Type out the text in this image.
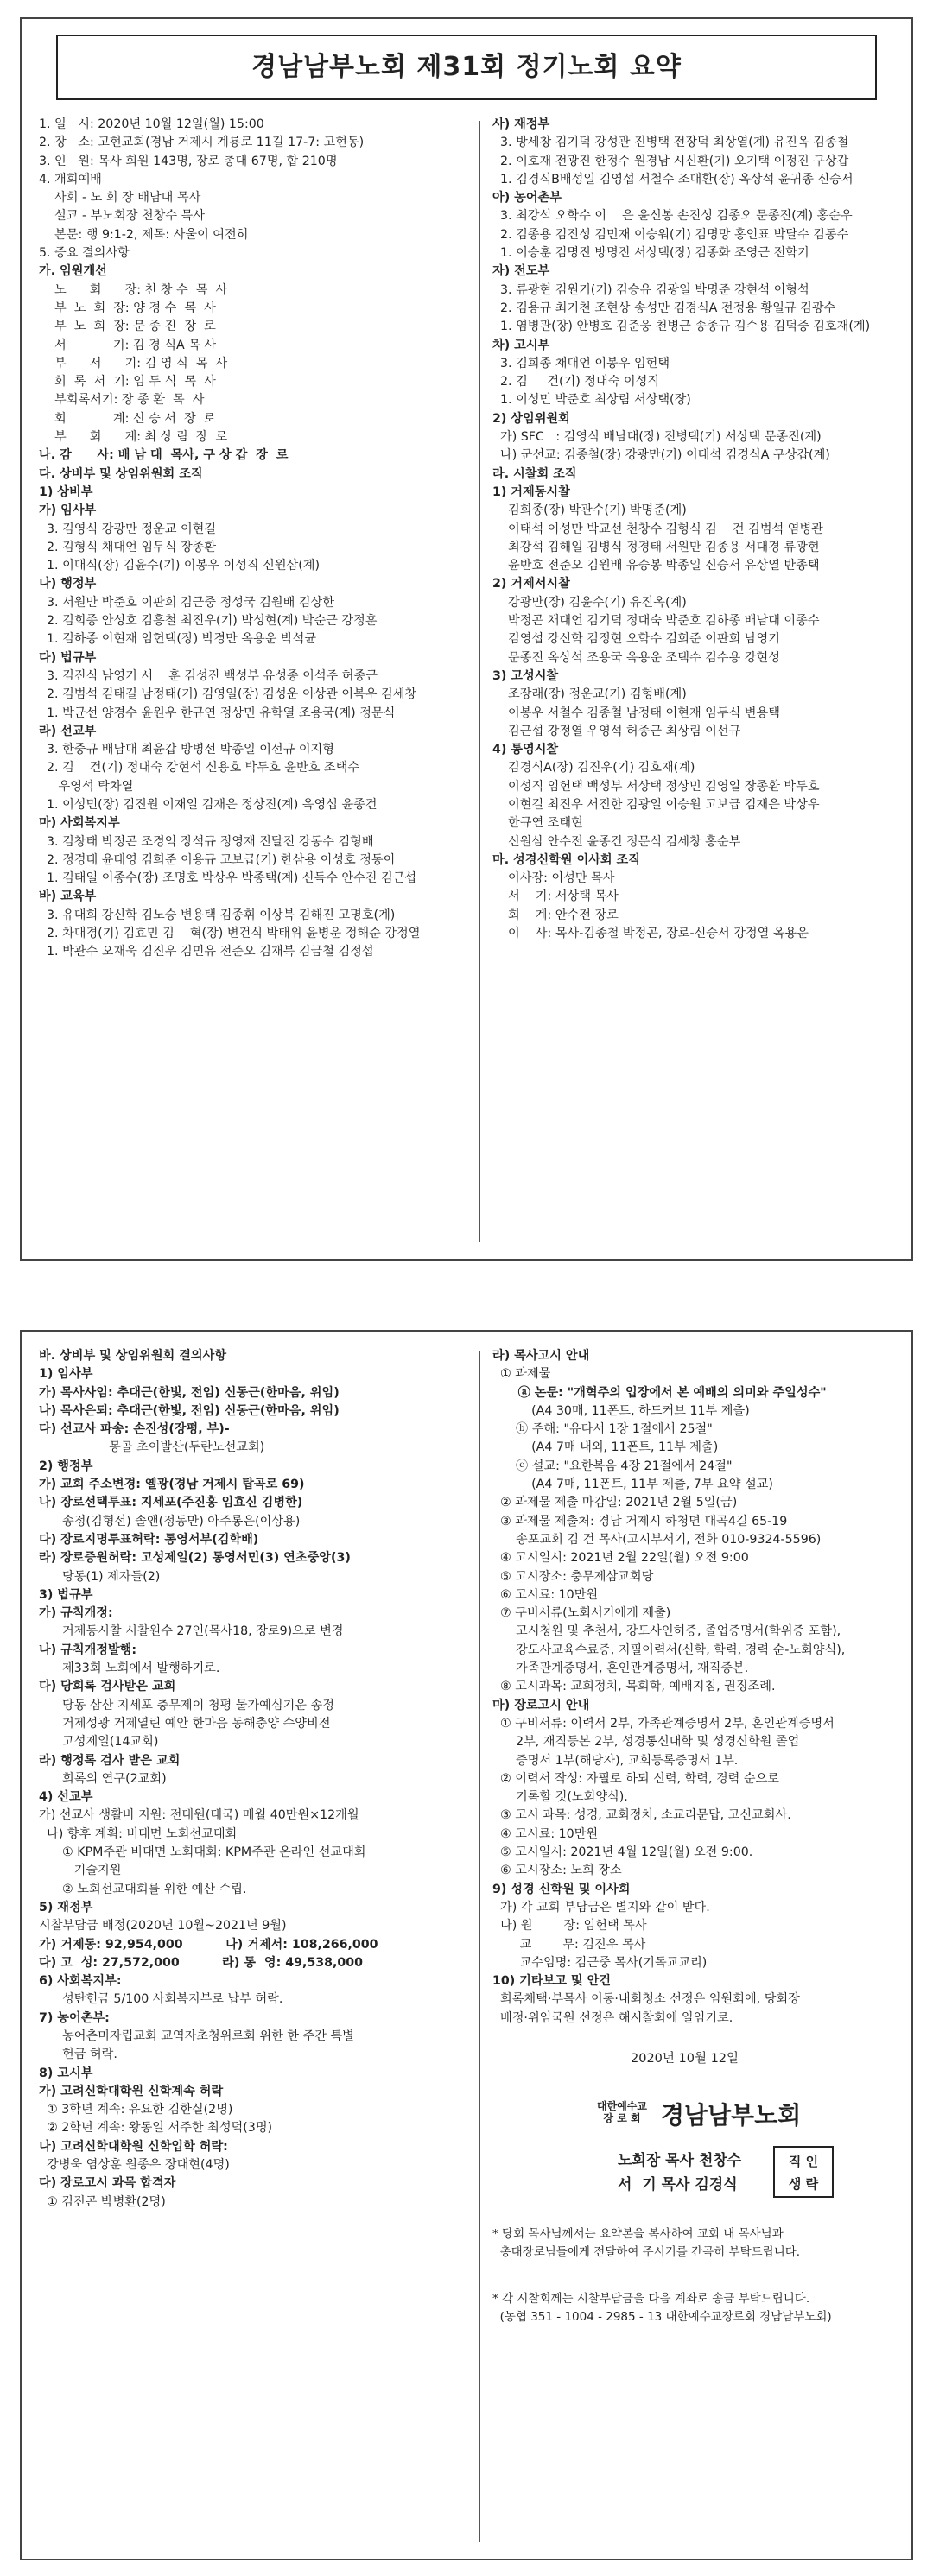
경남남부노회 제31회 정기노회 요약
1. 일   시: 2020년 10월 12일(월) 15:00
2. 장   소: 고현교회(경남 거제시 계룡로 11길 17-7: 고현동)
3. 인   원: 목사 회원 143명, 장로 총대 67명, 합 210명
4. 개회예배
사회 - 노 회 장 배남대 목사
설교 - 부노회장 천창수 목사
본문: 행 9:1-2, 제목: 사울이 여전히
5. 증요 결의사항
가. 임원개선
노      회      장: 천 창 수  목  사
부  노  회  장: 양 경 수  목  사
부  노  회  장: 문 종 진  장  로
서            기: 김 경 식A 목 사
부      서      기: 김 영 식  목  사
회  록  서  기: 임 두 식  목  사
부회록서기: 장 종 환  목  사
회            계: 신 승 서  장  로
부      회      계: 최 상 림  장  로
나. 감      사: 배 남 대  목사, 구 상 갑  장  로
다. 상비부 및 상임위원회 조직
1) 상비부
가) 임사부
3. 김영식 강광만 정운교 이현길
2. 김형식 채대언 임두식 장종환
1. 이대식(장) 김윤수(기) 이봉우 이성직 신원삼(계)
나) 행정부
3. 서원만 박준호 이판희 김근중 정성국 김원배 김상한
2. 김희종 안성호 김흥철 최진우(기) 박성현(계) 박순근 강정훈
1. 김하종 이현재 임헌택(장) 박경만 옥용운 박석균
다) 법규부
3. 김진식 남영기 서    훈 김성진 백성부 유성종 이석주 허종근
2. 김범석 김태길 남정태(기) 김영일(장) 김성운 이상관 이복우 김세창
1. 박균선 양경수 윤원우 한규연 정상민 유학열 조용국(계) 정문식
라) 선교부
3. 한중규 배남대 최윤갑 방병선 박종일 이선규 이지형
2. 김    건(기) 정대숙 강현석 신용호 박두호 윤반호 조택수
우영석 탁차열
1. 이성민(장) 김진원 이재일 김재은 정상진(계) 옥영섭 윤종건
마) 사회복지부
3. 김창태 박정곤 조경익 장석규 정영재 진달진 강동수 김형배
2. 정경태 윤태영 김희준 이용규 고보급(기) 한삼용 이성호 정동이
1. 김태일 이종수(장) 조명호 박상우 박종택(계) 신득수 안수진 김근섭
바) 교육부
3. 유대희 강신학 김노승 변용택 김종휘 이상복 김해진 고명호(계)
2. 차대경(기) 김효민 김    혁(장) 변건식 박태위 윤병운 정해순 강정열
1. 박관수 오재욱 김진우 김민유 전준오 김재복 김금철 김정섭
사) 재정부
3. 방세창 김기덕 강성관 진병택 전장덕 최상열(계) 유진옥 김종철
2. 이호재 전광진 한정수 원경남 시신환(기) 오기택 이정진 구상갑
1. 김경식B배성일 김영섭 서철수 조대환(장) 옥상석 윤귀종 신승서
아) 농어촌부
3. 최강석 오학수 이    은 윤신봉 손진성 김종오 문종진(계) 홍순우
2. 김종용 김진성 김민재 이승워(기) 김명망 홍인표 박달수 김동수
1. 이승훈 김명진 방명진 서상택(장) 김종화 조영근 전학기
자) 전도부
3. 류광현 김원기(기) 김승유 김광일 박명준 강현석 이형석
2. 김용규 최기천 조현상 송성만 김경식A 전정용 황일규 김광수
1. 염병관(장) 안병호 김준웅 천병근 송종규 김수용 김덕중 김호재(계)
차) 고시부
3. 김희종 채대언 이봉우 임헌택
2. 김     건(기) 정대숙 이성직
1. 이성민 박준호 최상림 서상택(장)
2) 상임위원회
가) SFC   : 김영식 배남대(장) 진병택(기) 서상택 문종진(계)
나) 군선교: 김종철(장) 강광만(기) 이태석 김경식A 구상갑(계)
라. 시찰회 조직
1) 거제동시찰
김희종(장) 박관수(기) 박명준(계)
이태석 이성만 박교선 천창수 김형식 김    건 김범석 염병관
최강석 김해일 김병식 정경태 서원만 김종용 서대경 류광현
윤반호 전준오 김원배 유승봉 박종일 신승서 유상열 반종택
2) 거제서시찰
강광만(장) 김윤수(기) 유진옥(계)
박정곤 채대언 김기덕 정대숙 박준호 김하종 배남대 이종수
김영섭 강신학 김정현 오학수 김희준 이판희 남영기
문종진 옥상석 조용국 옥용운 조택수 김수용 강현성
3) 고성시찰
조장래(장) 정운교(기) 김형배(계)
이봉우 서철수 김종철 남정태 이현재 임두식 변용택
김근섭 강정열 우영석 허종근 최상림 이선규
4) 통영시찰
김경식A(장) 김진우(기) 김호재(계)
이성직 임헌택 백성부 서상택 정상민 김영일 장종환 박두호
이현길 최진우 서진한 김광일 이승원 고보급 김재은 박상우
한규연 조태현
신원삼 안수전 윤종건 정문식 김세창 홍순부
마. 성경신학원 이사회 조직
이사장: 이성만 목사
서    기: 서상택 목사
회    계: 안수전 장로
이    사: 목사-김종철 박정곤, 장로-신승서 강정열 옥용운
바. 상비부 및 상임위원회 결의사항
1) 임사부
가) 목사사임: 추대근(한빛, 전임) 신동근(한마음, 위임)
나) 목사은퇴: 추대근(한빛, 전임) 신동근(한마음, 위임)
다) 선교사 파송: 손진성(장평, 부)-
몽골 초이발산(두란노선교회)
2) 행정부
가) 교회 주소변경: 옐광(경남 거제시 탑곡로 69)
나) 장로선택투표: 지세포(주진홍 임효신 김병한)
송정(김형선) 솔앤(정동만) 아주롱은(이상용)
다) 장로지명투표허락: 통영서부(김학배)
라) 장로증원허락: 고성제일(2) 통영서민(3) 연초중앙(3)
당동(1) 제자들(2)
3) 법규부
가) 규칙개정:
거제동시찰 시찰원수 27인(목사18, 장로9)으로 변경
나) 규칙개정발행:
제33회 노회에서 발행하기로.
다) 당회록 검사받은 교회
당동 삼산 지세포 충무제이 청평 물가예심기운 송정
거제성광 거제열린 예안 한마음 동해충양 수양비전
고성제일(14교회)
라) 행정록 검사 받은 교회
회록의 연구(2교회)
4) 선교부
가) 선교사 생활비 지원: 전대원(태국) 매월 40만원×12개월
나) 향후 계획: 비대면 노회선교대회
① KPM주관 비대면 노회대회: KPM주관 온라인 선교대회
기술지원
② 노회선교대회를 위한 예산 수립.
5) 재정부
시찰부담금 배정(2020년 10월~2021년 9월)
가) 거제동: 92,954,000          나) 거제서: 108,266,000
다) 고  성: 27,572,000          라) 통  영: 49,538,000
6) 사회복지부:
성탄헌금 5/100 사회복지부로 납부 허락.
7) 농어촌부:
농어촌미자립교회 교역자초청위로회 위한 한 주간 특별
헌금 허락.
8) 고시부
가) 고려신학대학원 신학계속 허락
① 3학년 계속: 유요한 김한실(2명)
② 2학년 계속: 왕동일 서주한 최성덕(3명)
나) 고려신학대학원 신학입학 허락:
강병욱 염상훈 원종우 장대현(4명)
다) 장로고시 과목 합격자
① 김진곤 박병환(2명)
라) 목사고시 안내
① 과제물
ⓐ 논문: "개혁주의 입장에서 본 예배의 의미와 주일성수"
(A4 30매, 11폰트, 하드커브 11부 제출)
ⓑ 주해: "유다서 1장 1절에서 25절"
(A4 7매 내외, 11폰트, 11부 제출)
ⓒ 설교: "요한복음 4장 21절에서 24절"
(A4 7매, 11폰트, 11부 제출, 7부 요약 설교)
② 과제물 제출 마감일: 2021년 2월 5일(금)
③ 과제물 제출처: 경남 거제시 하청면 대곡4길 65-19
송포교회 김 건 목사(고시부서기, 전화 010-9324-5596)
④ 고시일시: 2021년 2월 22일(월) 오전 9:00
⑤ 고시장소: 충무제삼교회당
⑥ 고시료: 10만원
⑦ 구비서류(노회서기에게 제출)
고시청원 및 추천서, 강도사인허증, 졸업증명서(학위증 포함),
강도사교육수료증, 지필이력서(신학, 학력, 경력 순-노회양식),
가족관계증명서, 혼인관계증명서, 재직증본.
⑧ 고시과목: 교회정치, 목회학, 예배지침, 권징조례.
마) 장로고시 안내
① 구비서류: 이력서 2부, 가족관계증명서 2부, 혼인관계증명서
2부, 재직등본 2부, 성경통신대학 및 성경신학원 졸업
증명서 1부(해당자), 교회등록증명서 1부.
② 이력서 작성: 자필로 하되 신력, 학력, 경력 순으로
기록할 것(노회양식).
③ 고시 과목: 성경, 교회정치, 소교리문답, 고신교회사.
④ 고시료: 10만원
⑤ 고시일시: 2021년 4월 12일(월) 오전 9:00.
⑥ 고시장소: 노회 장소
9) 성경 신학원 및 이사회
가) 각 교회 부담금은 별지와 같이 받다.
나) 원        장: 임헌택 목사
교        무: 김진우 목사
교수임명: 김근중 목사(기독교교리)
10) 기타보고 및 안건
회록채택·부목사 이동·내회청소 선정은 임원회에, 당회장
배정·위임국원 선정은 해시찰회에 일임키로.
2020년 10월 12일
대한예수교
장 로 회 경남남부노회
노회장 목사 천창수
서  기 목사 김경식
직 인
생 략
* 당회 목사님께서는 요약본을 복사하여 교회 내 목사님과
총대장로님들에게 전달하여 주시기를 간곡히 부탁드립니다.
* 각 시찰회께는 시찰부담금을 다음 계좌로 송금 부탁드립니다.
(농협 351 - 1004 - 2985 - 13 대한예수교장로회 경남남부노회)
